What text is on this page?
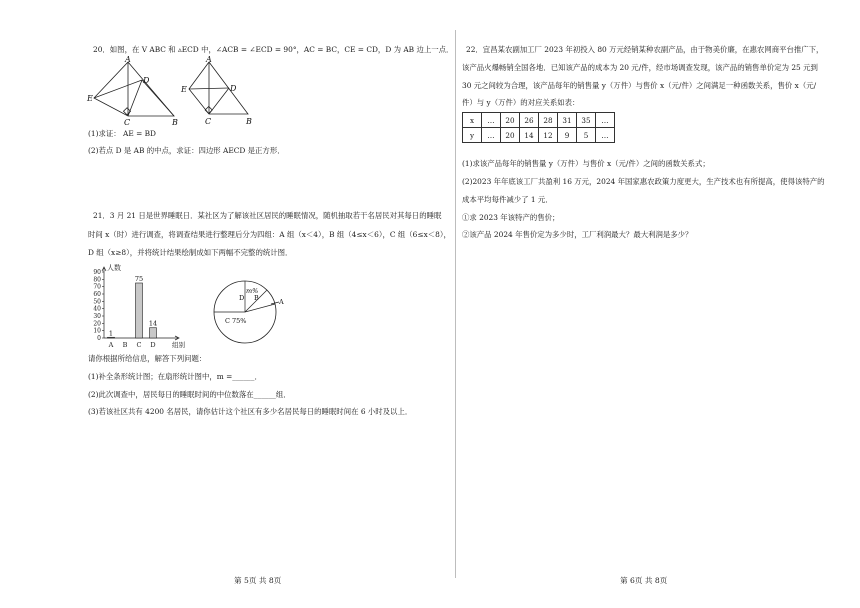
20．如图，在 V ABC 和 ▵ECD 中，∠ACB = ∠ECD = 90°，AC = BC，CE = CD，D 为 AB 边上一点．
A
E
D
C	B
A
E	D
C	B
(1)求证： AE = BD
(2)若点 D 是 AB 的中点，求证：四边形 AECD 是正方形．
21．3 月 21 日是世界睡眠日．某社区为了解该社区居民的睡眠情况，随机抽取若干名居民对其每日的睡眠
时间 x（时）进行调查，将调查结果进行整理后分为四组：A 组（x＜4），B 组（4≤x＜6），C 组（6≤x＜8），
D 组（x≥8），并将统计结果绘制成如下两幅不完整的统计图．
0
10
20
30
40
50
60
70
80
90
1
75
14
A B C D
人数
组别
m%
D B	A
C 75%
请你根据所给信息，解答下列问题：
(1)补全条形统计图；在扇形统计图中，m =______．
(2)此次调查中，居民每日的睡眠时间的中位数落在______组．
(3)若该社区共有 4200 名居民，请你估计这个社区有多少名居民每日的睡眠时间在 6 小时及以上．
第 5页 共 8页
22．宜昌某农副加工厂 2023 年初投入 80 万元经销某种农副产品，由于物美价廉，在惠农网商平台推广下，
该产品火爆畅销全国各地．已知该产品的成本为 20 元/件，经市场调查发现，该产品的销售单价定为 25 元到
30 元之间较为合理，该产品每年的销售量 y（万件）与售价 x（元/件）之间满足一种函数关系，售价 x（元/
件）与 y（万件）的对应关系如表：
x	…	20	26	28	31	35	…
y	…	20	14	12	9	5	…
(1)求该产品每年的销售量 y（万件）与售价 x（元/件）之间的函数关系式；
(2)2023 年年底该工厂共盈利 16 万元，2024 年国家惠农政策力度更大，生产技术也有所提高，使得该特产的
成本平均每件减少了 1 元．
①求 2023 年该特产的售价；
②该产品 2024 年售价定为多少时，工厂利润最大？最大利润是多少？
第 6页 共 8页
